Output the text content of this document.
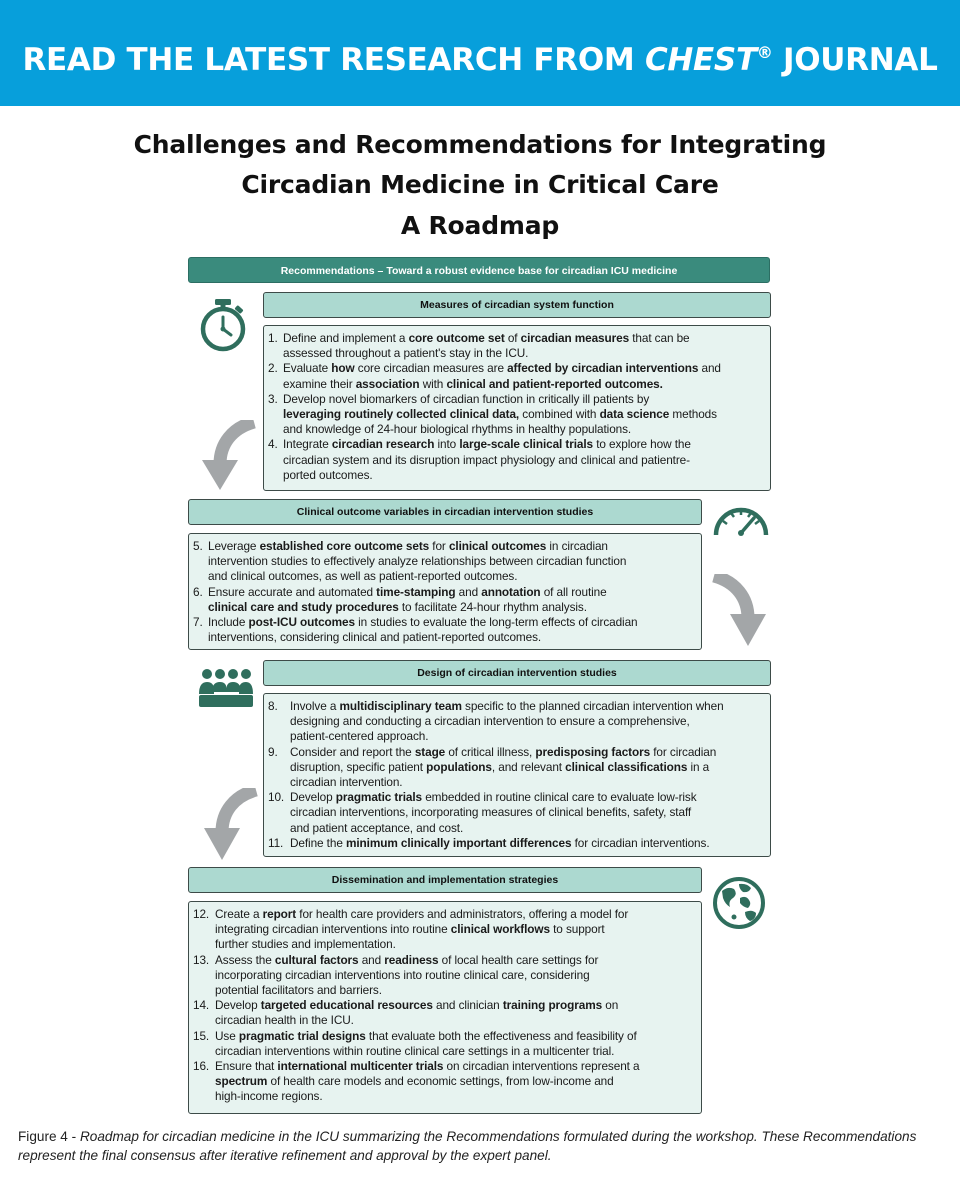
READ THE LATEST RESEARCH FROM CHEST® JOURNAL
Challenges and Recommendations for Integrating
Circadian Medicine in Critical Care
A Roadmap
Recommendations – Toward a robust evidence base for circadian ICU medicine
Measures of circadian system function
1. Define and implement a core outcome set of circadian measures that can be
assessed throughout a patient's stay in the ICU.
2. Evaluate how core circadian measures are affected by circadian interventions and
examine their association with clinical and patient-reported outcomes.
3. Develop novel biomarkers of circadian function in critically ill patients by
leveraging routinely collected clinical data, combined with data science methods
and knowledge of 24-hour biological rhythms in healthy populations.
4. Integrate circadian research into large-scale clinical trials to explore how the
circadian system and its disruption impact physiology and clinical and patientre-
ported outcomes.
Clinical outcome variables in circadian intervention studies
5. Leverage established core outcome sets for clinical outcomes in circadian
intervention studies to effectively analyze relationships between circadian function
and clinical outcomes, as well as patient-reported outcomes.
6. Ensure accurate and automated time-stamping and annotation of all routine
clinical care and study procedures to facilitate 24-hour rhythm analysis.
7. Include post-ICU outcomes in studies to evaluate the long-term effects of circadian
interventions, considering clinical and patient-reported outcomes.
Design of circadian intervention studies
8.	Involve a multidisciplinary team specific to the planned circadian intervention when
designing and conducting a circadian intervention to ensure a comprehensive,
patient-centered approach.
9.	Consider and report the stage of critical illness, predisposing factors for circadian
disruption, specific patient populations, and relevant clinical classifications in a
circadian intervention.
10. Develop pragmatic trials embedded in routine clinical care to evaluate low-risk
circadian interventions, incorporating measures of clinical benefits, safety, staff
and patient acceptance, and cost.
11. Define the minimum clinically important differences for circadian interventions.
Dissemination and implementation strategies
12. Create a report for health care providers and administrators, offering a model for
integrating circadian interventions into routine clinical workflows to support
further studies and implementation.
13. Assess the cultural factors and readiness of local health care settings for
incorporating circadian interventions into routine clinical care, considering
potential facilitators and barriers.
14. Develop targeted educational resources and clinician training programs on
circadian health in the ICU.
15. Use pragmatic trial designs that evaluate both the effectiveness and feasibility of
circadian interventions within routine clinical care settings in a multicenter trial.
16. Ensure that international multicenter trials on circadian interventions represent a
spectrum of health care models and economic settings, from low-income and
high-income regions.
Figure 4 - Roadmap for circadian medicine in the ICU summarizing the Recommendations formulated during the workshop. These Recommendations represent the final consensus after iterative refinement and approval by the expert panel.
